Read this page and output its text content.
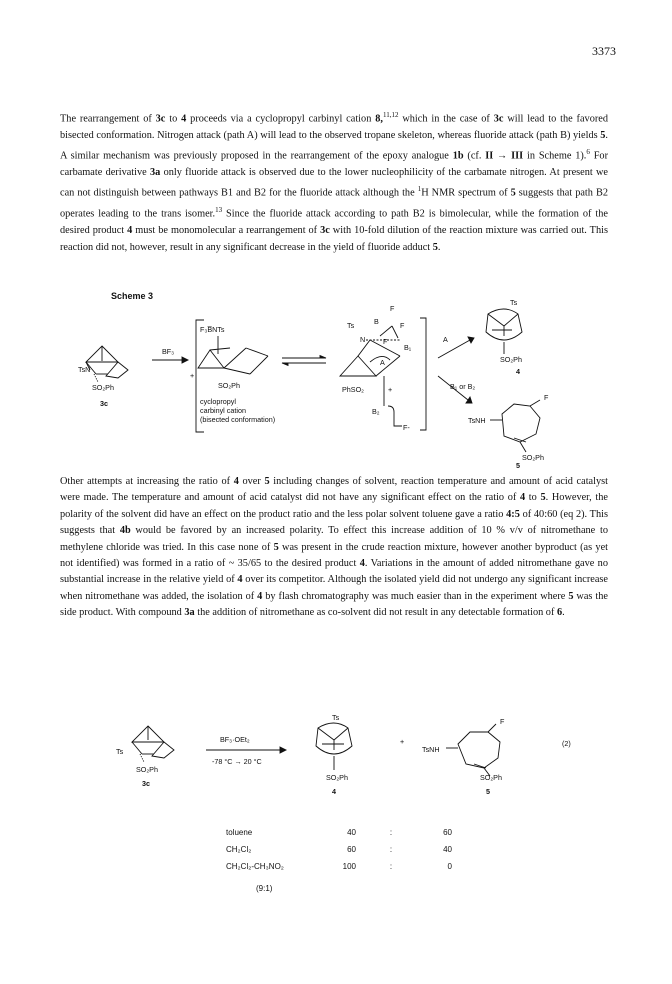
3373

The rearrangement of 3c to 4 proceeds via a cyclopropyl carbinyl cation 8,$^{11,12}$ which in the case of 3c will lead to the favored bisected conformation. Nitrogen attack (path A) will lead to the observed tropane skeleton, whereas fluoride attack (path B) yields 5. A similar mechanism was previously proposed in the rearrangement of the epoxy analogue 1b (cf. II → III in Scheme 1).$^6$ For carbamate derivative 3a only fluoride attack is observed due to the lower nucleophilicity of the carbamate nitrogen. At present we can not distinguish between pathways B1 and B2 for the fluoride attack although the $^1$H NMR spectrum of 5 suggests that path B2 operates leading to the trans isomer.$^{13}$ Since the fluoride attack according to path B2 is bimolecular, while the formation of the desired product 4 must be monomolecular a rearrangement of 3c with 10-fold dilution of the reaction mixture was carried out. This reaction did not, however, result in any significant decrease in the yield of fluoride adduct 5.

Scheme 3
TsN
SO₂Ph
3c
BF₃
F₃B̅NTs
+
SO₂Ph
cyclopropyl
carbinyl cation
(bisected conformation)
Ts	B
F
F
F
N
B₁
A
PhSO₂	+
B₂
F-
A
B₁ or B₂
Ts
SO₂Ph
4
F
TsNH
SO₂Ph
5

Other attempts at increasing the ratio of 4 over 5 including changes of solvent, reaction temperature and amount of acid catalyst were made. The temperature and amount of acid catalyst did not have any significant effect on the ratio of 4 to 5. However, the polarity of the solvent did have an effect on the product ratio and the less polar solvent toluene gave a ratio 4:5 of 40:60 (eq 2). This suggests that 4b would be favored by an increased polarity. To effect this increase addition of 10 % v/v of nitromethane to methylene chloride was tried. In this case none of 5 was present in the crude reaction mixture, however another byproduct (as yet not identified) was formed in a ratio of ~ 35/65 to the desired product 4. Variations in the amount of added nitromethane gave no substantial increase in the relative yield of 4 over its competitor. Although the isolated yield did not undergo any significant increase when nitromethane was added, the isolation of 4 by flash chromatography was much easier than in the experiment where 5 was the side product. With compound 3a the addition of nitromethane as co-solvent did not result in any detectable formation of 6.

Ts
SO₂Ph
3c
BF₃·OEt₂
-78 °C → 20 °C
Ts
SO₂Ph
4
+
F
TsNH
SO₂Ph
5
(2)
toluene	40	:	60
CH₂Cl₂	60	:	40
CH₂Cl₂-CH₃NO₂	100	:	0
(9:1)
